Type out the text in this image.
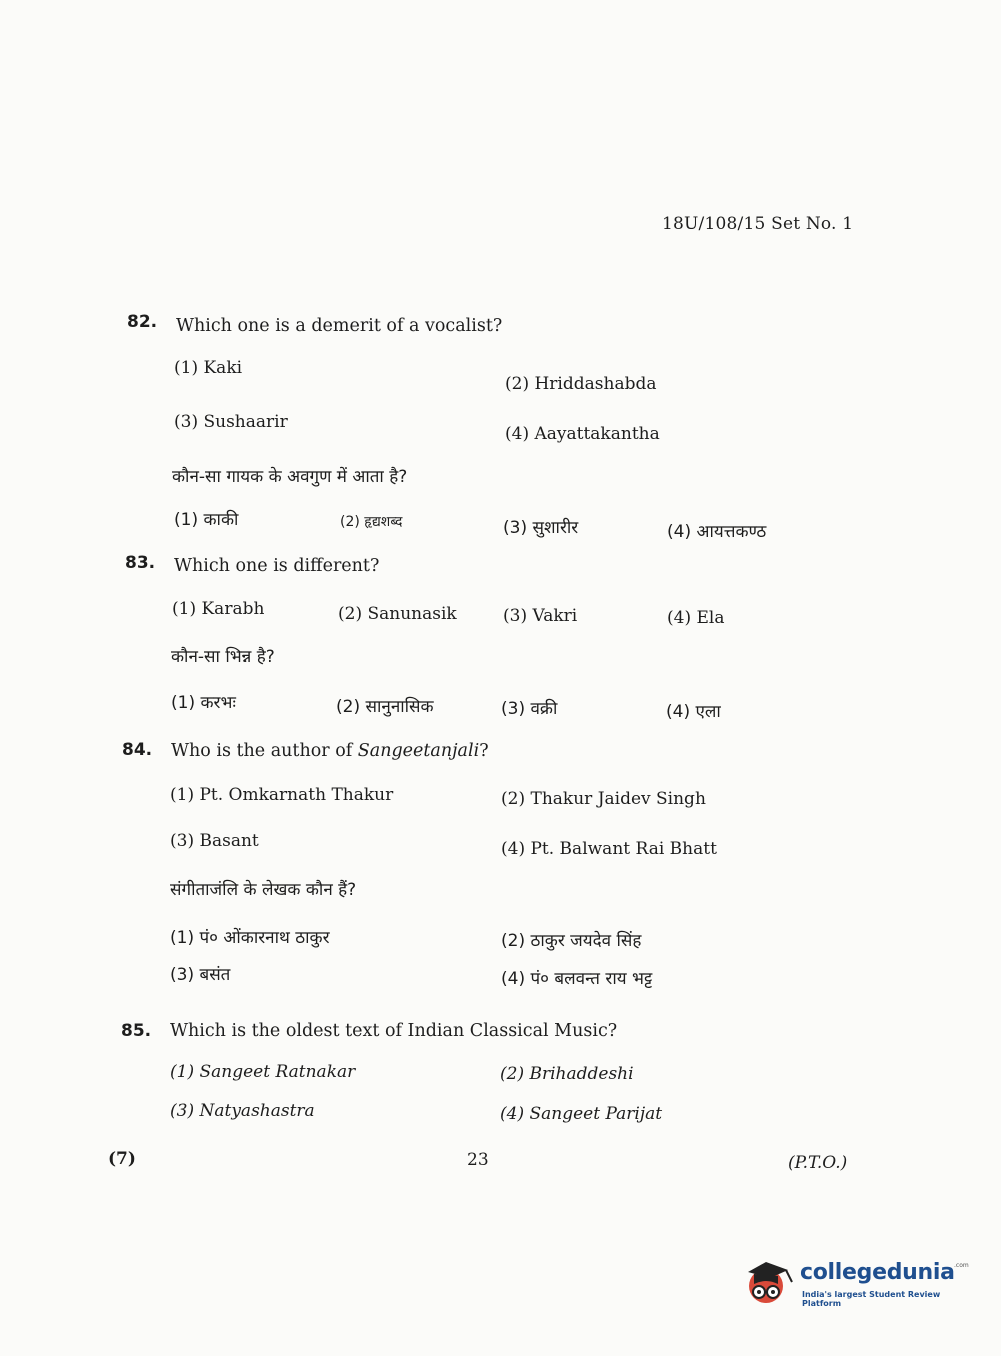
18U/108/15 Set No. 1
82. Which one is a demerit of a vocalist?
(1) Kaki
(2) Hriddashabda
(3) Sushaarir
(4) Aayattakantha
कौन-सा गायक के अवगुण में आता है?
(1) काकी	(2) हृद्यशब्द	(3) सुशारीर	(4) आयत्तकण्ठ
83. Which one is different?
(1) Karabh	(2) Sanunasik	(3) Vakri	(4) Ela
कौन-सा भिन्न है?
(1) करभः	(2) सानुनासिक	(3) वक्री	(4) एला
84. Who is the author of Sangeetanjali?
(1) Pt. Omkarnath Thakur	(2) Thakur Jaidev Singh
(3) Basant	(4) Pt. Balwant Rai Bhatt
संगीताजंलि के लेखक कौन हैं?
(1) पं० ओंकारनाथ ठाकुर	(2) ठाकुर जयदेव सिंह
(3) बसंत	(4) पं० बलवन्त राय भट्ट
85. Which is the oldest text of Indian Classical Music?
(1) Sangeet Ratnakar	(2) Brihaddeshi
(3) Natyashastra	(4) Sangeet Parijat
(7)	23	(P.T.O.)
collegedunia .com
India's largest Student Review Platform
